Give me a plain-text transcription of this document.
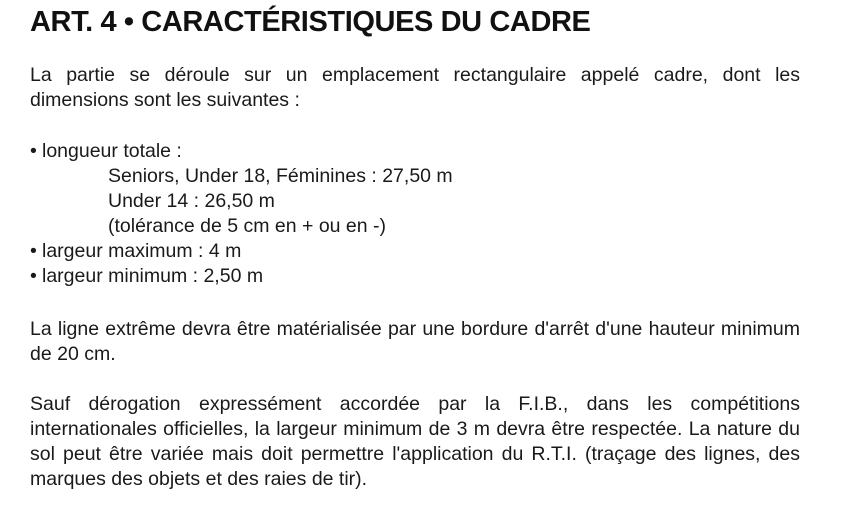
ART. 4 • CARACTÉRISTIQUES DU CADRE

La partie se déroule sur un emplacement rectangulaire appelé cadre, dont les dimensions sont les suivantes :

• longueur totale :
Seniors, Under 18, Féminines : 27,50 m
Under 14 : 26,50 m
(tolérance de 5 cm en + ou en -)
• largeur maximum : 4 m
• largeur minimum : 2,50 m

La ligne extrême devra être matérialisée par une bordure d'arrêt d'une hauteur minimum de 20 cm.

Sauf dérogation expressément accordée par la F.I.B., dans les compétitions internationales officielles, la largeur minimum de 3 m devra être respectée. La nature du sol peut être variée mais doit permettre l'application du R.T.I. (traçage des lignes, des marques des objets et des raies de tir).
